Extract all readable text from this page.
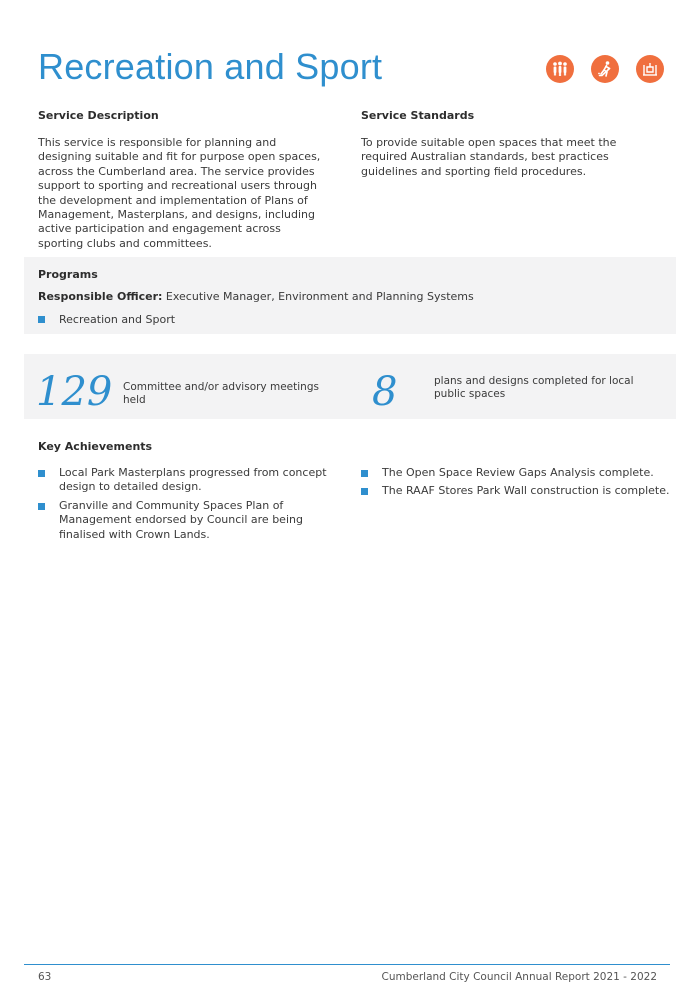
Recreation and Sport
Service Description

This service is responsible for planning and designing suitable and fit for purpose open spaces, across the Cumberland area. The service provides support to sporting and recreational users through the development and implementation of Plans of Management, Masterplans, and designs, including active participation and engagement across sporting clubs and committees.

Service Standards

To provide suitable open spaces that meet the required Australian standards, best practices guidelines and sporting field procedures.

Programs
Responsible Officer: Executive Manager, Environment and Planning Systems
Recreation and Sport
129 Committee and/or advisory meetings held	8	plans and designs completed for local public spaces
Key Achievements
Local Park Masterplans progressed from concept design to detailed design.
Granville and Community Spaces Plan of Management endorsed by Council are being finalised with Crown Lands.
The Open Space Review Gaps Analysis complete.
The RAAF Stores Park Wall construction is complete.
63	Cumberland City Council Annual Report 2021 - 2022
